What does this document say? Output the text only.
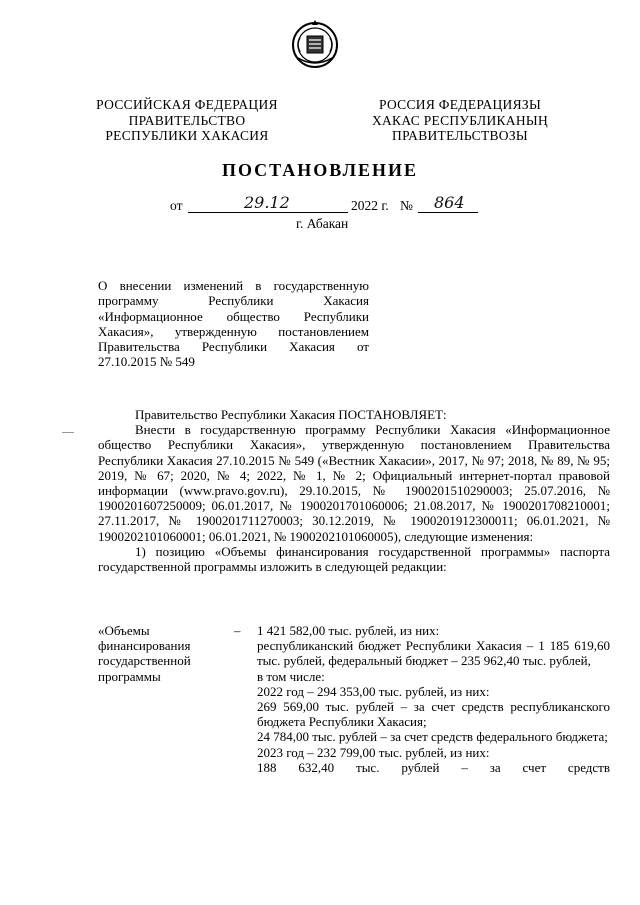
РОССИЙСКАЯ ФЕДЕРАЦИЯ
ПРАВИТЕЛЬСТВО
РЕСПУБЛИКИ ХАКАСИЯ
РОССИЯ ФЕДЕРАЦИЯЗЫ
ХАКАС РЕСПУБЛИКАНЫҢ
ПРАВИТЕЛЬСТВОЗЫ
ПОСТАНОВЛЕНИЕ
от	29.12	2022 г. № 864
г. Абакан
О внесении изменений в государственную программу Республики Хакасия «Информационное общество Республики Хакасия», утвержденную постановлением Правительства Республики Хакасия от 27.10.2015 № 549

Правительство Республики Хакасия ПОСТАНОВЛЯЕТ:

Внести в государственную программу Республики Хакасия «Информационное общество Республики Хакасия», утвержденную постановлением Правительства Республики Хакасия 27.10.2015 № 549 («Вестник Хакасии», 2017, № 97; 2018, № 89, № 95; 2019, № 67; 2020, № 4; 2022, № 1, № 2; Официальный интернет-портал правовой информации (www.pravo.gov.ru), 29.10.2015, № 1900201510290003; 25.07.2016, № 1900201607250009; 06.01.2017, № 1900201701060006; 21.08.2017, № 1900201708210001; 27.11.2017, № 1900201711270003; 30.12.2019, № 1900201912300011; 06.01.2021, № 1900202101060001; 06.01.2021, № 1900202101060005), следующие изменения:

1) позицию «Объемы финансирования государственной программы» паспорта государственной программы изложить в следующей редакции:

«Объемы финансирования государственной программы
– 1 421 582,00 тыс. рублей, из них:
республиканский бюджет Республики Хакасия – 1 185 619,60 тыс. рублей, федеральный бюджет – 235 962,40 тыс. рублей,
в том числе:
2022 год – 294 353,00 тыс. рублей, из них:
269 569,00 тыс. рублей – за счет средств республиканского бюджета Республики Хакасия;
24 784,00 тыс. рублей – за счет средств федерального бюджета;
2023 год – 232 799,00 тыс. рублей, из них:
188 632,40 тыс. рублей – за счет средств
